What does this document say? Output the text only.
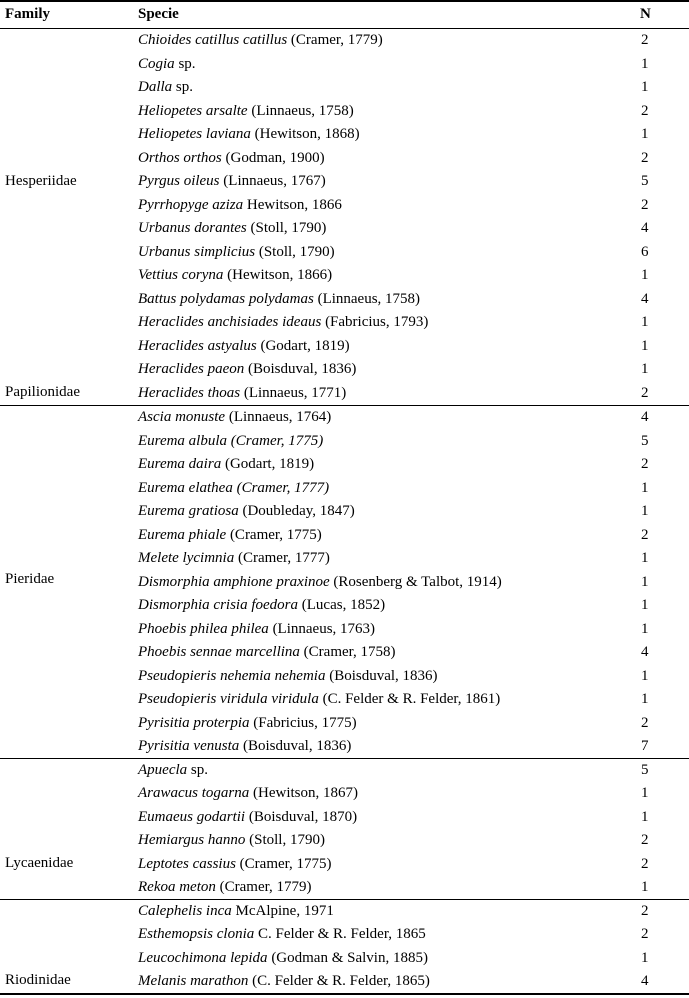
Family	Specie	N
Hesperiidae
Chioides catillus catillus (Cramer, 1779)	2
Cogia sp.	1
Dalla sp.	1
Heliopetes arsalte (Linnaeus, 1758)	2
Heliopetes laviana (Hewitson, 1868)	1
Orthos orthos (Godman, 1900)	2
Pyrgus oileus (Linnaeus, 1767)	5
Pyrrhopyge aziza Hewitson, 1866	2
Urbanus dorantes (Stoll, 1790)	4
Urbanus simplicius (Stoll, 1790)	6
Vettius coryna (Hewitson, 1866)	1
Papilionidae
Battus polydamas polydamas (Linnaeus, 1758)	4
Heraclides anchisiades ideaus (Fabricius, 1793)	1
Heraclides astyalus (Godart, 1819)	1
Heraclides paeon (Boisduval, 1836)	1
Heraclides thoas (Linnaeus, 1771)	2
Pieridae
Ascia monuste (Linnaeus, 1764)	4
Eurema albula (Cramer, 1775)	5
Eurema daira (Godart, 1819)	2
Eurema elathea (Cramer, 1777)	1
Eurema gratiosa (Doubleday, 1847)	1
Eurema phiale (Cramer, 1775)	2
Melete lycimnia (Cramer, 1777)	1
Dismorphia amphione praxinoe (Rosenberg & Talbot, 1914)	1
Dismorphia crisia foedora (Lucas, 1852)	1
Phoebis philea philea (Linnaeus, 1763)	1
Phoebis sennae marcellina (Cramer, 1758)	4
Pseudopieris nehemia nehemia (Boisduval, 1836)	1
Pseudopieris viridula viridula (C. Felder & R. Felder, 1861)	1
Pyrisitia proterpia (Fabricius, 1775)	2
Pyrisitia venusta (Boisduval, 1836)	7
Lycaenidae
Apuecla sp.	5
Arawacus togarna (Hewitson, 1867)	1
Eumaeus godartii (Boisduval, 1870)	1
Hemiargus hanno (Stoll, 1790)	2
Leptotes cassius (Cramer, 1775)	2
Rekoa meton (Cramer, 1779)	1
Riodinidae
Calephelis inca McAlpine, 1971	2
Esthemopsis clonia C. Felder & R. Felder, 1865	2
Leucochimona lepida (Godman & Salvin, 1885)	1
Melanis marathon (C. Felder & R. Felder, 1865)	4
